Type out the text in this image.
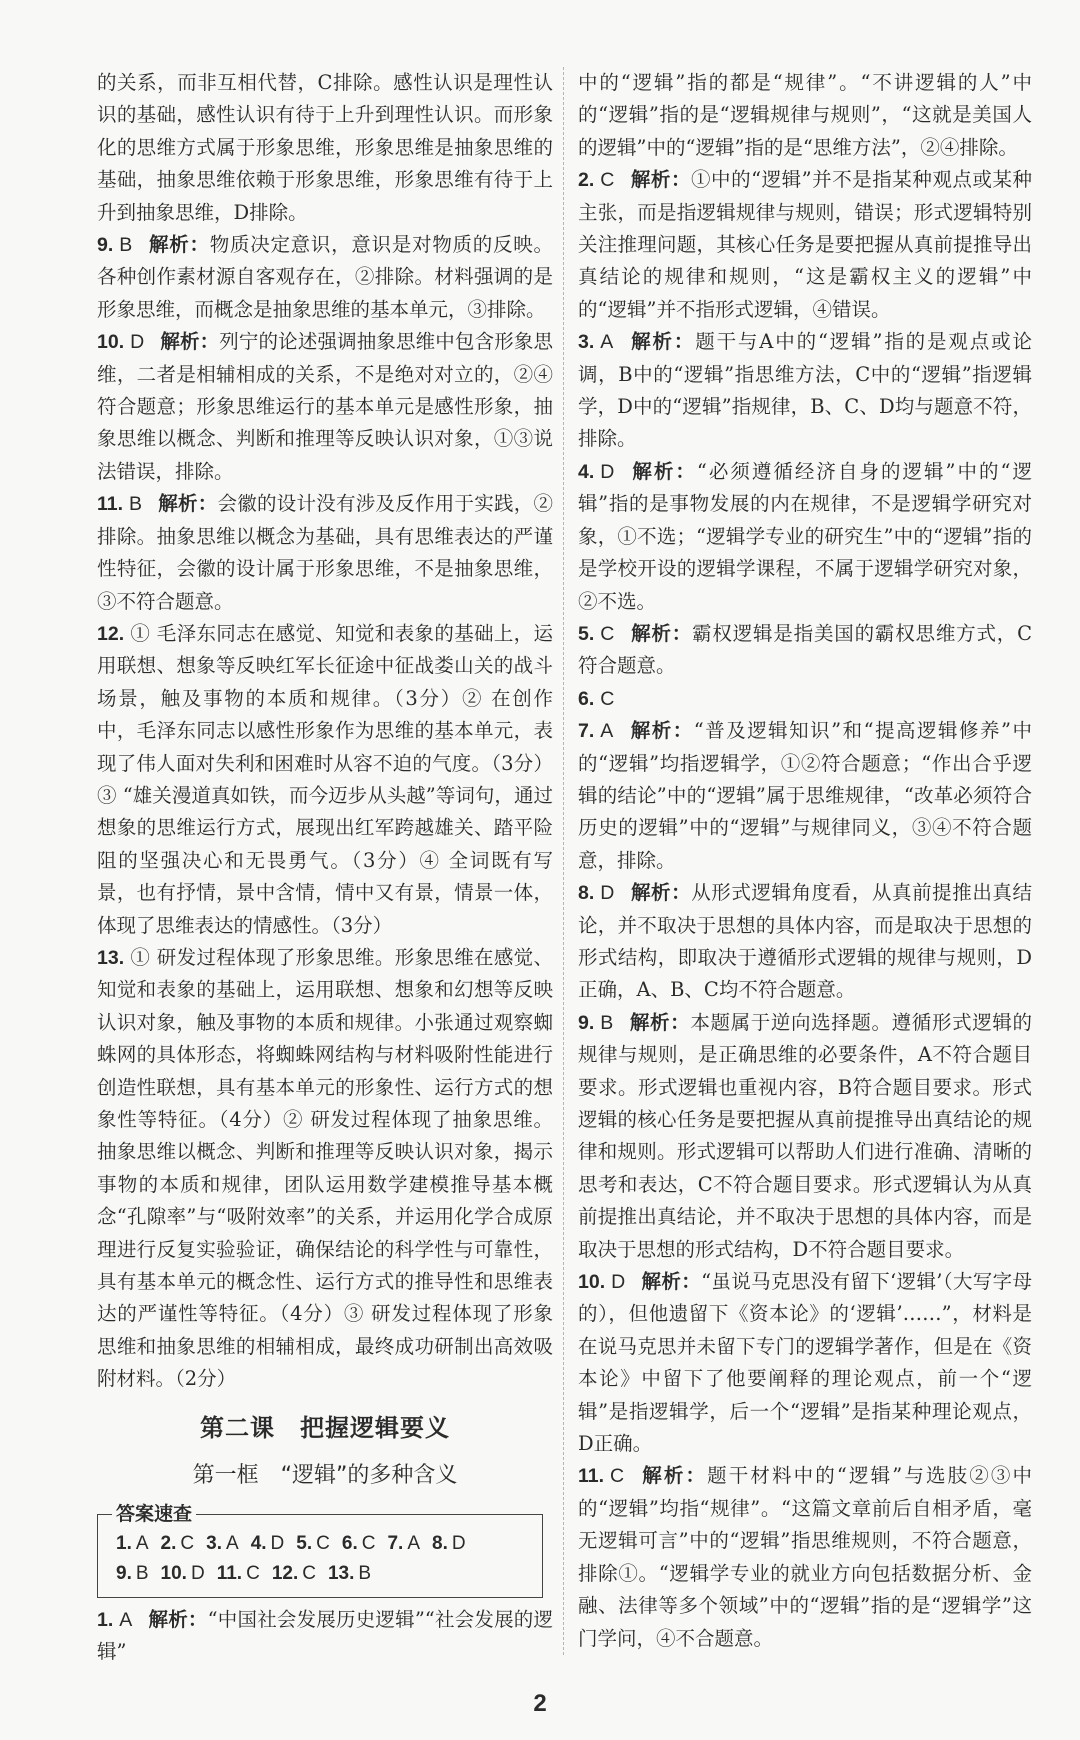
的关系，而非互相代替，C排除。感性认识是理性认识的基础，感性认识有待于上升到理性认识。而形象化的思维方式属于形象思维，形象思维是抽象思维的基础，抽象思维依赖于形象思维，形象思维有待于上升到抽象思维，D排除。

9. B 解析：物质决定意识，意识是对物质的反映。各种创作素材源自客观存在，②排除。材料强调的是形象思维，而概念是抽象思维的基本单元，③排除。

10. D 解析：列宁的论述强调抽象思维中包含形象思维，二者是相辅相成的关系，不是绝对对立的，②④符合题意；形象思维运行的基本单元是感性形象，抽象思维以概念、判断和推理等反映认识对象，①③说法错误，排除。

11. B 解析：会徽的设计没有涉及反作用于实践，②排除。抽象思维以概念为基础，具有思维表达的严谨性特征，会徽的设计属于形象思维，不是抽象思维，③不符合题意。

12. ① 毛泽东同志在感觉、知觉和表象的基础上，运用联想、想象等反映红军长征途中征战娄山关的战斗场景，触及事物的本质和规律。（3分）② 在创作中，毛泽东同志以感性形象作为思维的基本单元，表现了伟人面对失利和困难时从容不迫的气度。（3分）③ “雄关漫道真如铁，而今迈步从头越”等词句，通过想象的思维运行方式，展现出红军跨越雄关、踏平险阻的坚强决心和无畏勇气。（3分）④ 全词既有写景，也有抒情，景中含情，情中又有景，情景一体，体现了思维表达的情感性。（3分）

13. ① 研发过程体现了形象思维。形象思维在感觉、知觉和表象的基础上，运用联想、想象和幻想等反映认识对象，触及事物的本质和规律。小张通过观察蜘蛛网的具体形态，将蜘蛛网结构与材料吸附性能进行创造性联想，具有基本单元的形象性、运行方式的想象性等特征。（4分）② 研发过程体现了抽象思维。抽象思维以概念、判断和推理等反映认识对象，揭示事物的本质和规律，团队运用数学建模推导基本概念“孔隙率”与“吸附效率”的关系，并运用化学合成原理进行反复实验验证，确保结论的科学性与可靠性，具有基本单元的概念性、运行方式的推导性和思维表达的严谨性等特征。（4分）③ 研发过程体现了形象思维和抽象思维的相辅相成，最终成功研制出高效吸附材料。（2分）

第二课　把握逻辑要义
第一框　“逻辑”的多种含义
答案速查
1. A 2. C 3. A 4. D 5. C 6. C 7. A 8. D
9. B 10. D 11. C 12. C 13. B

1. A 解析：“中国社会发展历史逻辑”“社会发展的逻辑”

中的“逻辑”指的都是“规律”。“不讲逻辑的人”中的“逻辑”指的是“逻辑规律与规则”，“这就是美国人的逻辑”中的“逻辑”指的是“思维方法”，②④排除。

2. C 解析：①中的“逻辑”并不是指某种观点或某种主张，而是指逻辑规律与规则，错误；形式逻辑特别关注推理问题，其核心任务是要把握从真前提推导出真结论的规律和规则，“这是霸权主义的逻辑”中的“逻辑”并不指形式逻辑，④错误。

3. A 解析：题干与A中的“逻辑”指的是观点或论调，B中的“逻辑”指思维方法，C中的“逻辑”指逻辑学，D中的“逻辑”指规律，B、C、D均与题意不符，排除。

4. D 解析：“必须遵循经济自身的逻辑”中的“逻辑”指的是事物发展的内在规律，不是逻辑学研究对象，①不选；“逻辑学专业的研究生”中的“逻辑”指的是学校开设的逻辑学课程，不属于逻辑学研究对象，②不选。

5. C 解析：霸权逻辑是指美国的霸权思维方式，C符合题意。

6. C

7. A 解析：“普及逻辑知识”和“提高逻辑修养”中的“逻辑”均指逻辑学，①②符合题意；“作出合乎逻辑的结论”中的“逻辑”属于思维规律，“改革必须符合历史的逻辑”中的“逻辑”与规律同义，③④不符合题意，排除。

8. D 解析：从形式逻辑角度看，从真前提推出真结论，并不取决于思想的具体内容，而是取决于思想的形式结构，即取决于遵循形式逻辑的规律与规则，D正确，A、B、C均不符合题意。

9. B 解析：本题属于逆向选择题。遵循形式逻辑的规律与规则，是正确思维的必要条件，A不符合题目要求。形式逻辑也重视内容，B符合题目要求。形式逻辑的核心任务是要把握从真前提推导出真结论的规律和规则。形式逻辑可以帮助人们进行准确、清晰的思考和表达，C不符合题目要求。形式逻辑认为从真前提推出真结论，并不取决于思想的具体内容，而是取决于思想的形式结构，D不符合题目要求。

10. D 解析：“虽说马克思没有留下‘逻辑’（大写字母的），但他遗留下《资本论》的‘逻辑’……”，材料是在说马克思并未留下专门的逻辑学著作，但是在《资本论》中留下了他要阐释的理论观点，前一个“逻辑”是指逻辑学，后一个“逻辑”是指某种理论观点，D正确。

11. C 解析：题干材料中的“逻辑”与选肢②③中的“逻辑”均指“规律”。“这篇文章前后自相矛盾，毫无逻辑可言”中的“逻辑”指思维规则，不符合题意，排除①。“逻辑学专业的就业方向包括数据分析、金融、法律等多个领域”中的“逻辑”指的是“逻辑学”这门学问，④不合题意。

2
